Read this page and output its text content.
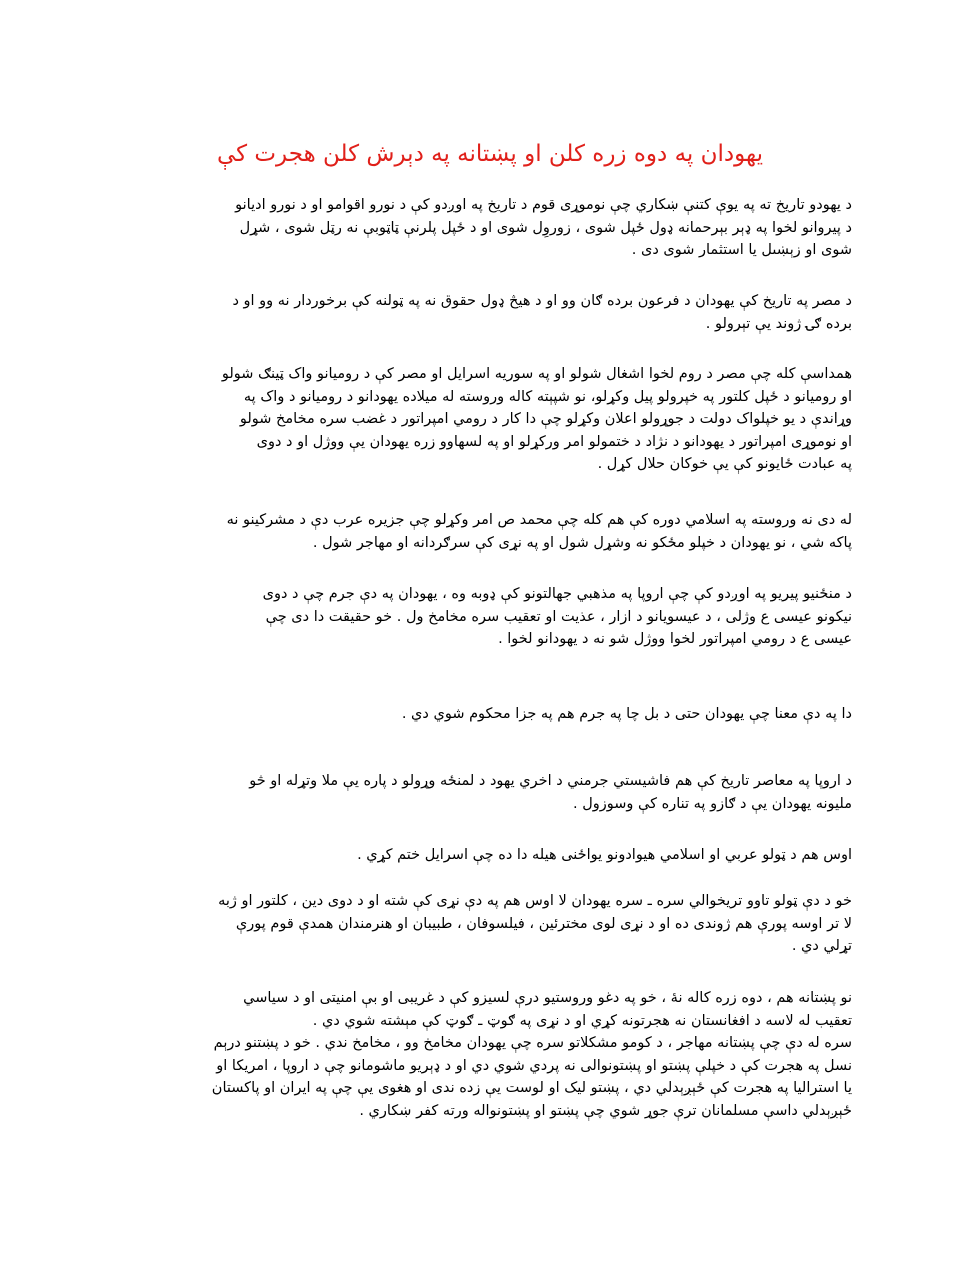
يهودان په دوه زره کلن او پښتانه په دېرش کلن هجرت کې
د يهودو تاريخ ته په يوې کتنې ښکاري چې نوموړى قوم د تاريخ په اوږدو کې د نورو اقوامو او د نورو اديانو
د پيروانو لخوا په ډېر بېرحمانه ډول ځپل شوى ، زوروِل شوى او د ځپل پلرنې ټاټوبې نه رټل شوى ، شړل
شوى او زېښىل يا استثمار شوى دى .
د مصر په تاريخ کې يهودان د فرعون برده ګان وو او د هيڅ ډول حقوق نه په ټولنه کې برخوردار نه وو او د
برده ګۍ ژوند يې تېرولو .
همداسې کله چې مصر د روم لخوا اشغال شولو او په سوريه اسرايل او مصر کې د رومیانو واک ټينګ شولو
او روميانو د ځپل کلتور په خپرولو پيل وکړلو، نو شپېته کاله وروسته له ميلاده يهودانو د روميانو د واک په
وړاندې د يو خپلواک دولت د جوړولو اعلان وکړلو چې دا کار د رومي امپراتور د غضب سره مخامخ شولو
او نوموړى امپراتور د يهودانو د نژاد د ختمولو امر ورکړلو او په لسهاوو زره يهودان يې ووژل او د دوى
په عبادت ځايونو کې يې خوکان حلال کړل .
له دى نه وروسته په اسلامي دوره کې هم کله چې محمد ص امر وکړلو چې جزيره عرب دې د مشرکينو نه
پاکه شي ، نو يهودان د خپلو مځکو نه وشړل شول او په نړى کې سرګردانه او مهاجر شول .
د منځنيو پيريو په اوږدو کې چې اروپا په مذهبي جهالتونو کې ډوبه وه ، يهودان په دې جرم چې د دوى
نيکونو عيسى ع وژلى ، د عيسويانو د ازار ، عذيت او تعقيب سره مخامخ ول . خو حقيقت دا دى چې
عيسى ع د رومي امپراتور لخوا ووژل شو نه د يهودانو لخوا .
دا په دې معنا چې يهودان حتى د بل چا په جرم هم په جزا محکوم شوي دي .
د اروپا په معاصر تاريخ کې هم فاشيستي جرمني د اخري يهود د لمنځه وړولو د پاره يې ملا وتړله او څو
مليونه يهودان يې د ګازو په تناره کې وسوزول .
اوس هم د ټولو عربي او اسلامي هيوادونو يواځنى هيله دا ده چې اسرايل ختم کړي .
خو د دې ټولو تاوو تريخوالي سره ـ سره يهودان لا اوس هم په دې نړى کې شته او د دوى دين ، کلتور او ژبه
لا تر اوسه پورې هم ژوندى ده او د نړى لوى مخترئين ، فيلسوفان ، طبيبان او هنرمندان همدې قوم پورې
تړلي دي .
نو پښتانه هم ، دوه زره کاله نۀ ، خو په دغو وروستيو درې لسيزو کې د غريبى او بې امنيتى او د سياسي
تعقيب له لاسه د افغانستان نه هجرتونه کړي او د نړى په ګوټ ـ ګوټ کې مېشته شوي دي .
سره له دې چې پښتانه مهاجر ، د کومو مشکلاتو سره چې يهودان مخامخ وو ، مخامخ ندي . خو د پښتنو درېم
نسل په هجرت کې د خپلې پښتو او پښتونوالى نه پردي شوي دي او د ډېريو ماشومانو چې د اروپا ، امريکا او
يا استراليا په هجرت کې ځېږېدلي دي ، پښتو ليک او لوست يې زده ندى او هغوى يې چې په ايران او پاکستان
ځېږېدلي داسې مسلمانان ترې جوړ شوي چې پښتو او پښتونواله ورته کفر ښکاري .
